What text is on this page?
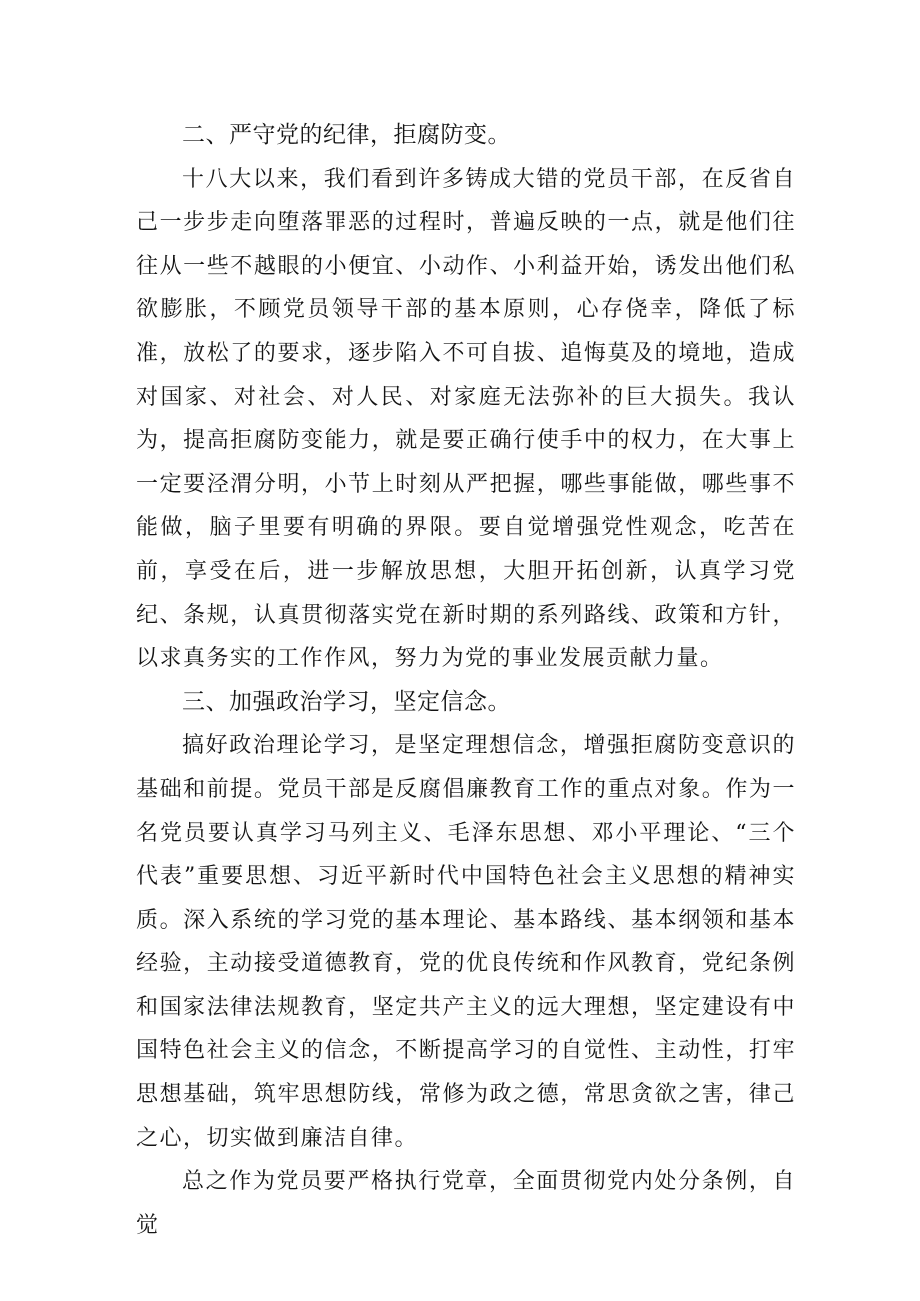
二、严守党的纪律，拒腐防变。

十八大以来，我们看到许多铸成大错的党员干部，在反省自己一步步走向堕落罪恶的过程时，普遍反映的一点，就是他们往往从一些不越眼的小便宜、小动作、小利益开始，诱发出他们私欲膨胀，不顾党员领导干部的基本原则，心存侥幸，降低了标准，放松了的要求，逐步陷入不可自拔、追悔莫及的境地，造成对国家、对社会、对人民、对家庭无法弥补的巨大损失。我认为，提高拒腐防变能力，就是要正确行使手中的权力，在大事上一定要泾渭分明，小节上时刻从严把握，哪些事能做，哪些事不能做，脑子里要有明确的界限。要自觉增强党性观念，吃苦在前，享受在后，进一步解放思想，大胆开拓创新，认真学习党纪、条规，认真贯彻落实党在新时期的系列路线、政策和方针，以求真务实的工作作风，努力为党的事业发展贡献力量。

三、加强政治学习，坚定信念。

搞好政治理论学习，是坚定理想信念，增强拒腐防变意识的基础和前提。党员干部是反腐倡廉教育工作的重点对象。作为一名党员要认真学习马列主义、毛泽东思想、邓小平理论、“三个代表”重要思想、习近平新时代中国特色社会主义思想的精神实质。深入系统的学习党的基本理论、基本路线、基本纲领和基本经验，主动接受道德教育，党的优良传统和作风教育，党纪条例和国家法律法规教育，坚定共产主义的远大理想，坚定建设有中国特色社会主义的信念，不断提高学习的自觉性、主动性，打牢思想基础，筑牢思想防线，常修为政之德，常思贪欲之害，律己之心，切实做到廉洁自律。

总之作为党员要严格执行党章，全面贯彻党内处分条例，自觉
